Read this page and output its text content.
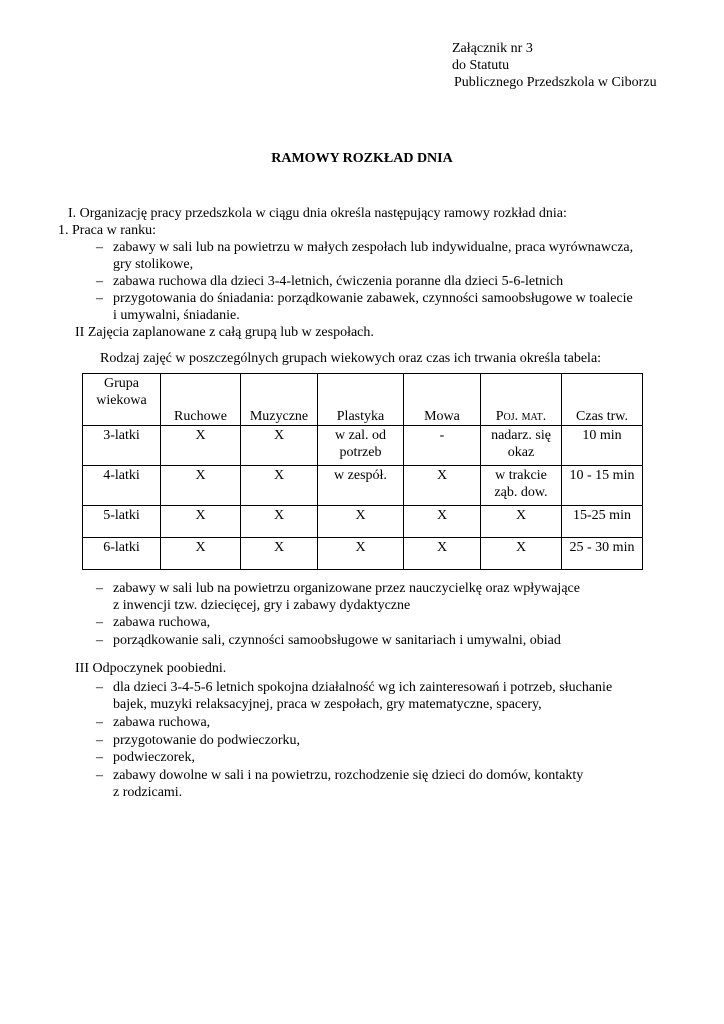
Załącznik nr 3
do Statutu
Publicznego Przedszkola w Ciborzu
RAMOWY ROZKŁAD DNIA
I. Organizację pracy przedszkola w ciągu dnia określa następujący ramowy rozkład dnia:
1. Praca w ranku:
– zabawy w sali lub na powietrzu w małych zespołach lub indywidualne, praca wyrównawcza,
gry stolikowe,
– zabawa ruchowa dla dzieci 3-4-letnich, ćwiczenia poranne dla dzieci 5-6-letnich
– przygotowania do śniadania: porządkowanie zabawek, czynności samoobsługowe w toalecie
i umywalni, śniadanie.
II Zajęcia zaplanowane z całą grupą lub w zespołach.
Rodzaj zajęć w poszczególnych grupach wiekowych oraz czas ich trwania określa tabela:
Grupa
wiekowa	Ruchowe	Muzyczne	Plastyka	Mowa	Poj. mat.	Czas trw.
3-latki	X	X	w zal. od potrzeb	-	nadarz. się okaz	10 min
4-latki	X	X	w zespół.	X	w trakcie ząb. dow.	10 - 15 min
5-latki	X	X	X	X	X	15-25 min
6-latki	X	X	X	X	X	25 - 30 min
– zabawy w sali lub na powietrzu organizowane przez nauczycielkę oraz wpływające
z inwencji tzw. dziecięcej, gry i zabawy dydaktyczne
– zabawa ruchowa,
– porządkowanie sali, czynności samoobsługowe w sanitariach i umywalni, obiad
III Odpoczynek poobiedni.
– dla dzieci 3-4-5-6 letnich spokojna działalność wg ich zainteresowań i potrzeb, słuchanie
bajek, muzyki relaksacyjnej, praca w zespołach, gry matematyczne, spacery,
– zabawa ruchowa,
– przygotowanie do podwieczorku,
– podwieczorek,
– zabawy dowolne w sali i na powietrzu, rozchodzenie się dzieci do domów, kontakty
z rodzicami.
